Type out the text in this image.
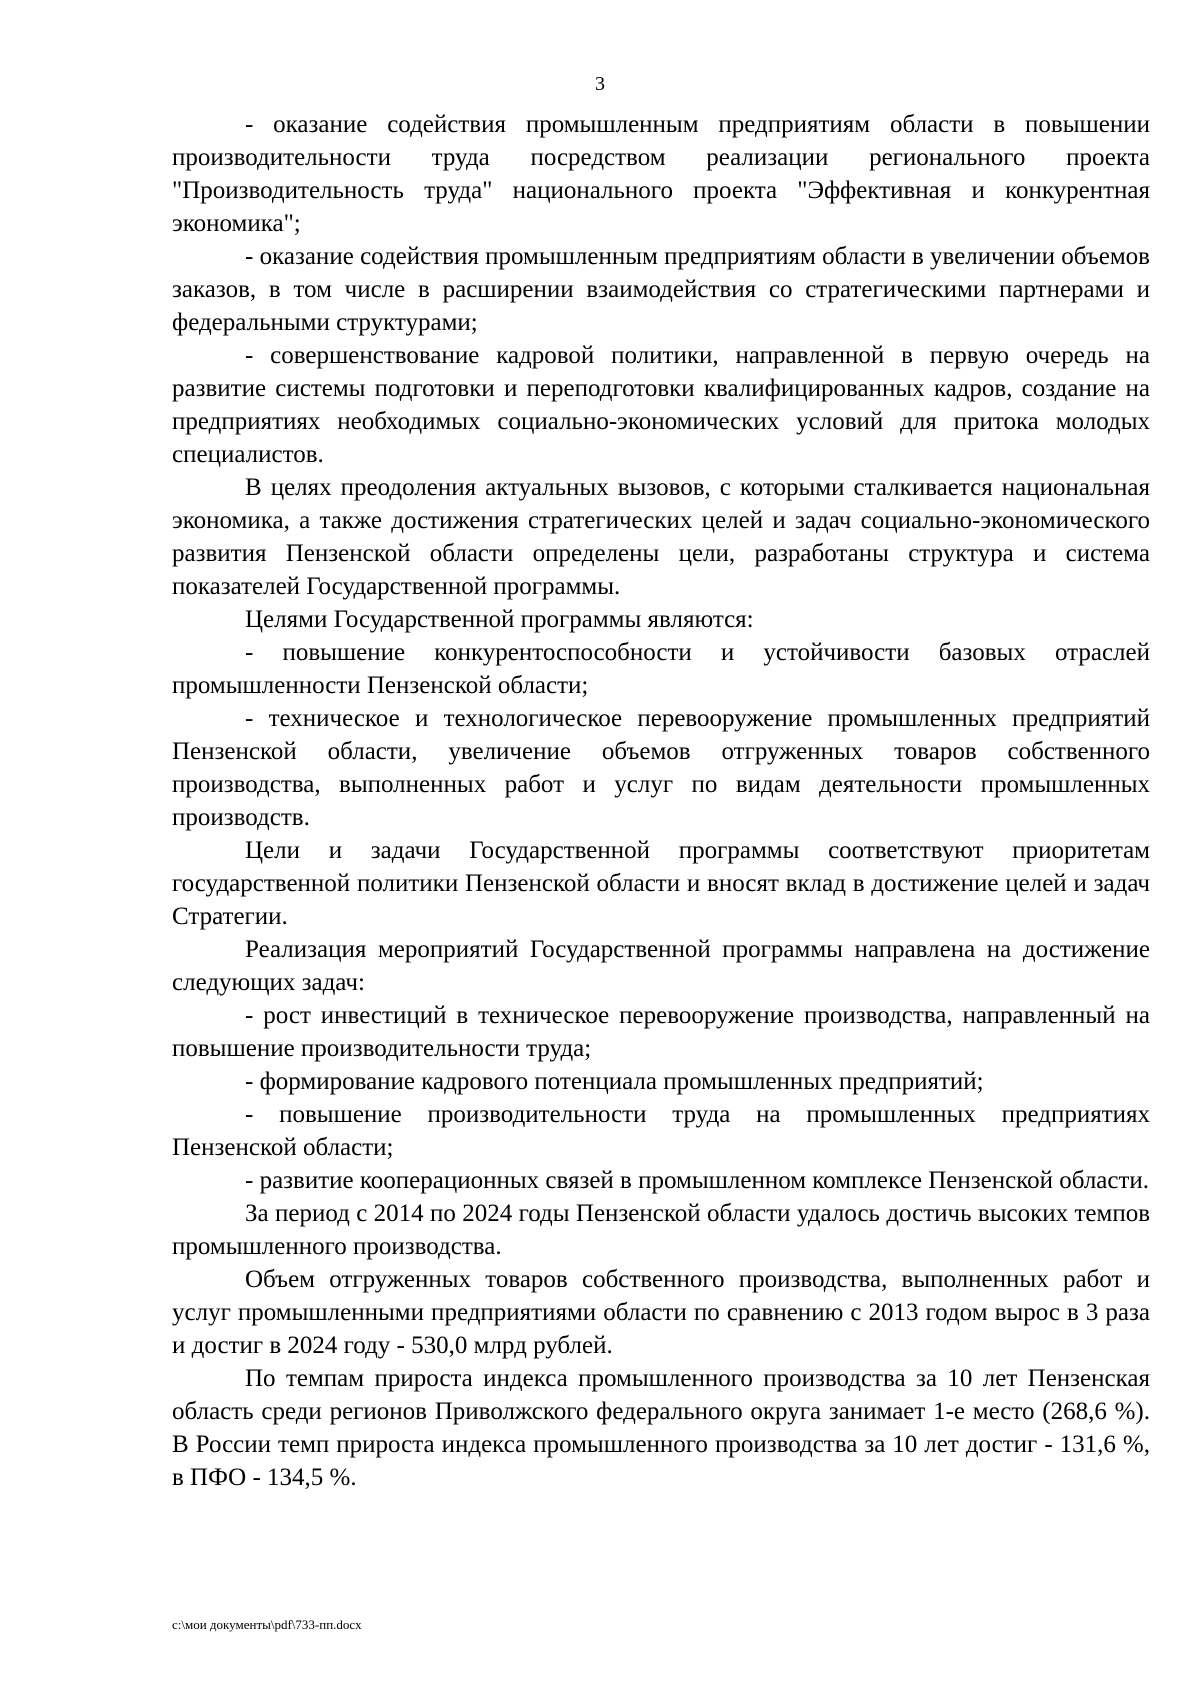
3

- оказание содействия промышленным предприятиям области в повышении производительности труда посредством реализации регионального проекта "Производительность труда" национального проекта "Эффективная и конкурентная экономика";

- оказание содействия промышленным предприятиям области в увеличении объемов заказов, в том числе в расширении взаимодействия со стратегическими партнерами и федеральными структурами;

- совершенствование кадровой политики, направленной в первую очередь на развитие системы подготовки и переподготовки квалифицированных кадров, создание на предприятиях необходимых социально-экономических условий для притока молодых специалистов.

В целях преодоления актуальных вызовов, с которыми сталкивается национальная экономика, а также достижения стратегических целей и задач социально-экономического развития Пензенской области определены цели, разработаны структура и система показателей Государственной программы.

Целями Государственной программы являются:

- повышение конкурентоспособности и устойчивости базовых отраслей промышленности Пензенской области;

- техническое и технологическое перевооружение промышленных предприятий Пензенской области, увеличение объемов отгруженных товаров собственного производства, выполненных работ и услуг по видам деятельности промышленных производств.

Цели и задачи Государственной программы соответствуют приоритетам государственной политики Пензенской области и вносят вклад в достижение целей и задач Стратегии.

Реализация мероприятий Государственной программы направлена на достижение следующих задач:

- рост инвестиций в техническое перевооружение производства, направленный на повышение производительности труда;

- формирование кадрового потенциала промышленных предприятий;

- повышение производительности труда на промышленных предприятиях Пензенской области;

- развитие кооперационных связей в промышленном комплексе Пензенской области.

За период с 2014 по 2024 годы Пензенской области удалось достичь высоких темпов промышленного производства.

Объем отгруженных товаров собственного производства, выполненных работ и услуг промышленными предприятиями области по сравнению с 2013 годом вырос в 3 раза и достиг в 2024 году - 530,0 млрд рублей.

По темпам прироста индекса промышленного производства за 10 лет Пензенская область среди регионов Приволжского федерального округа занимает 1-е место (268,6 %). В России темп прироста индекса промышленного производства за 10 лет достиг - 131,6 %, в ПФО - 134,5 %.

c:\мои документы\pdf\733-пп.docx
